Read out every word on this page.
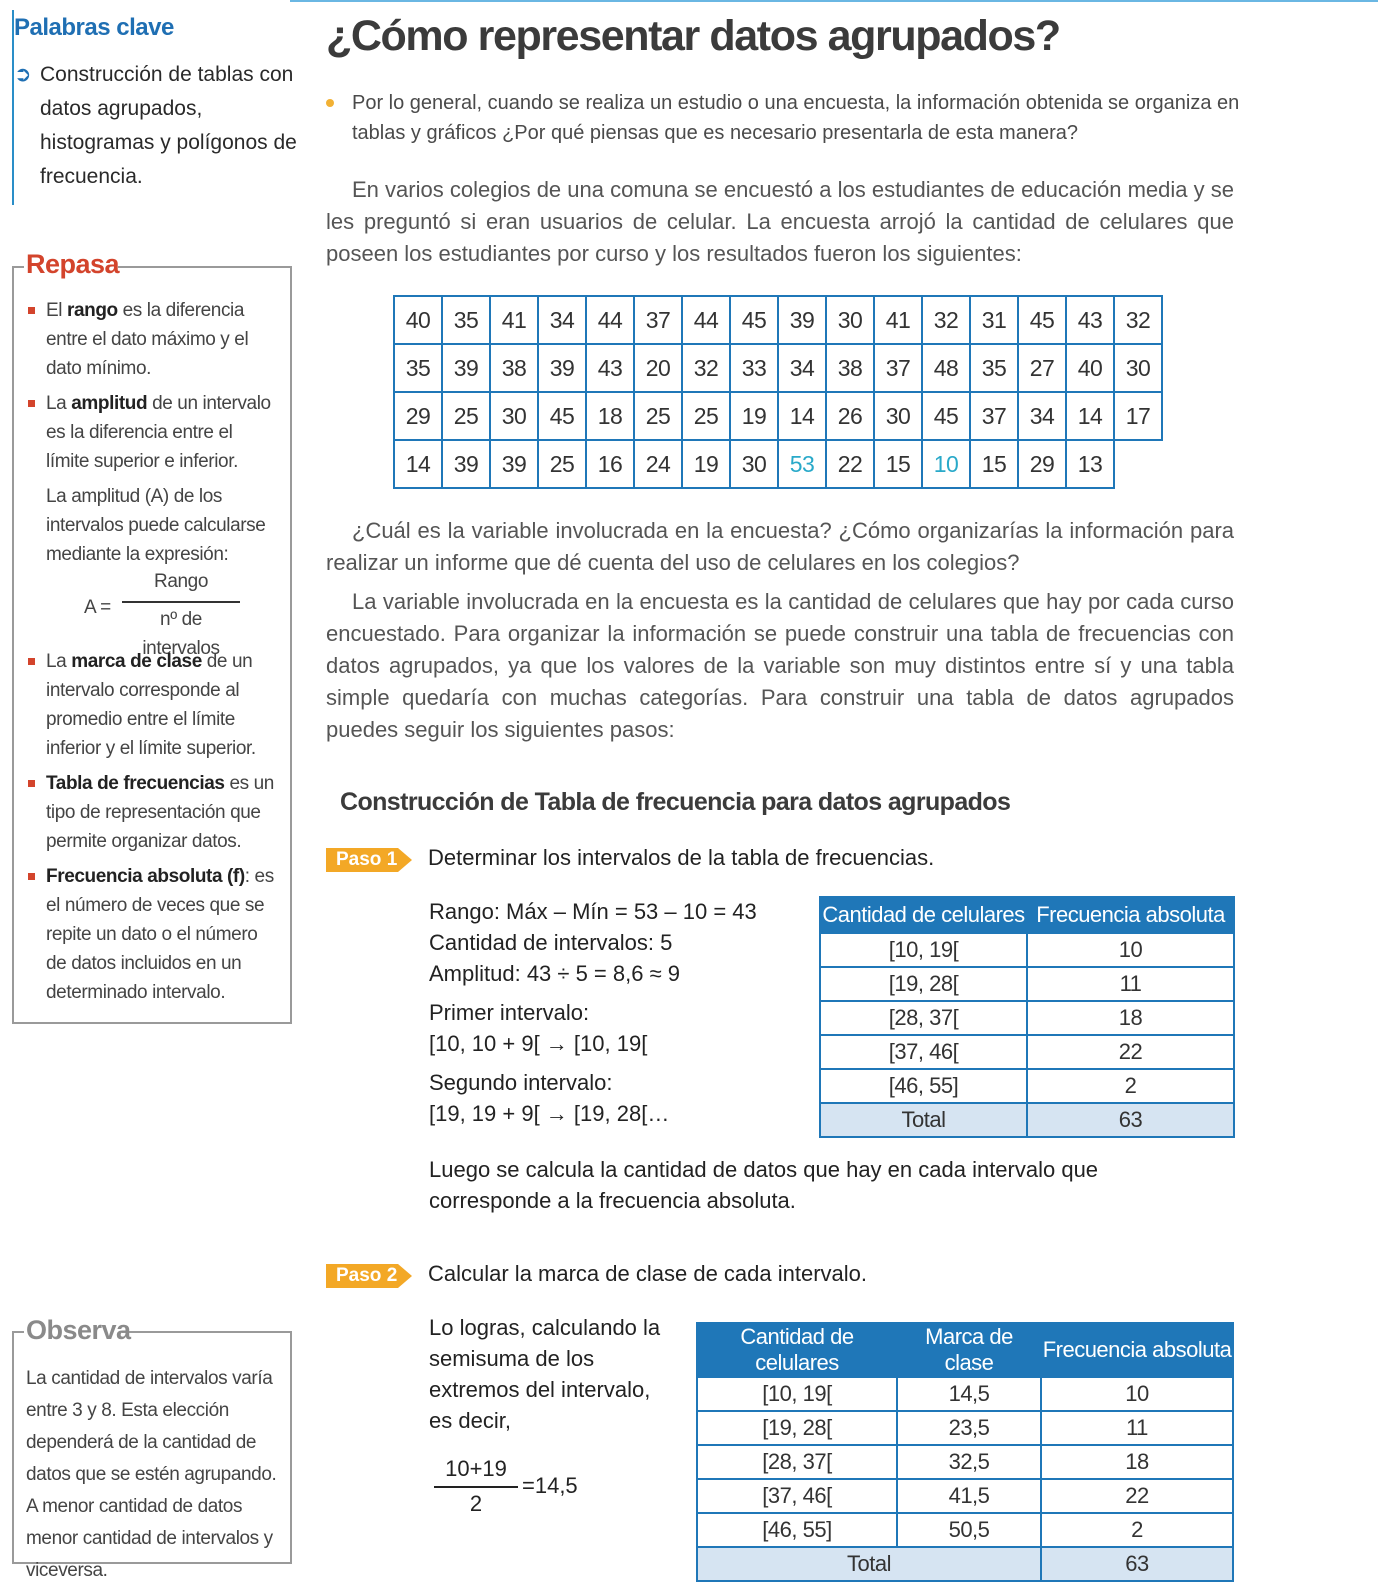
Palabras clave
➲ Construcción de tablas con datos agrupados, histogramas y polígonos de frecuencia.
Repasa
El rango es la diferencia entre el dato máximo y el dato mínimo.
La amplitud de un intervalo es la diferencia entre el límite superior e inferior.
La amplitud (A) de los intervalos puede calcularse mediante la expresión:
A =
Rango
nº de intervalos
La marca de clase de un intervalo corresponde al promedio entre el límite inferior y el límite superior.
Tabla de frecuencias es un tipo de representación que permite organizar datos.
Frecuencia absoluta (f): es el número de veces que se repite un dato o el número de datos incluidos en un determinado intervalo.
Observa
La cantidad de intervalos varía entre 3 y 8. Esta elección dependerá de la cantidad de datos que se estén agrupando. A menor cantidad de datos menor cantidad de intervalos y viceversa.
¿Cómo representar datos agrupados?
Por lo general, cuando se realiza un estudio o una encuesta, la información obtenida se organiza en tablas y gráficos ¿Por qué piensas que es necesario presentarla de esta manera?
En varios colegios de una comuna se encuestó a los estudiantes de educación media y se les preguntó si eran usuarios de celular. La encuesta arrojó la cantidad de celulares que poseen los estudiantes por curso y los resultados fueron los siguientes:
40	35	41	34	44	37	44	45	39	30	41	32	31	45	43	32
35	39	38	39	43	20	32	33	34	38	37	48	35	27	40	30
29	25	30	45	18	25	25	19	14	26	30	45	37	34	14	17
14	39	39	25	16	24	19	30	53	22	15	10	15	29	13	
¿Cuál es la variable involucrada en la encuesta? ¿Cómo organizarías la información para realizar un informe que dé cuenta del uso de celulares en los colegios?
La variable involucrada en la encuesta es la cantidad de celulares que hay por cada curso encuestado. Para organizar la información se puede construir una tabla de frecuencias con datos agrupados, ya que los valores de la variable son muy distintos entre sí y una tabla simple quedaría con muchas categorías. Para construir una tabla de datos agrupados puedes seguir los siguientes pasos:
Construcción de Tabla de frecuencia para datos agrupados
Paso 1 Determinar los intervalos de la tabla de frecuencias.
Rango: Máx – Mín = 53 – 10 = 43
Cantidad de intervalos: 5
Amplitud: 43 ÷ 5 = 8,6 ≈ 9
Primer intervalo:
[10, 10 + 9[ → [10, 19[
Segundo intervalo:
[19, 19 + 9[ → [19, 28[…
Luego se calcula la cantidad de datos que hay en cada intervalo que corresponde a la frecuencia absoluta.
Cantidad de celulares	Frecuencia absoluta
[10, 19[	10
[19, 28[	11
[28, 37[	18
[37, 46[	22
[46, 55]	2
Total	63
Paso 2 Calcular la marca de clase de cada intervalo.
Lo logras, calculando la semisuma de los extremos del intervalo, es decir,
10+19
2
=14,5
Cantidad de celulares	Marca de clase	Frecuencia absoluta
[10, 19[	14,5	10
[19, 28[	23,5	11
[28, 37[	32,5	18
[37, 46[	41,5	22
[46, 55]	50,5	2
Total		63
